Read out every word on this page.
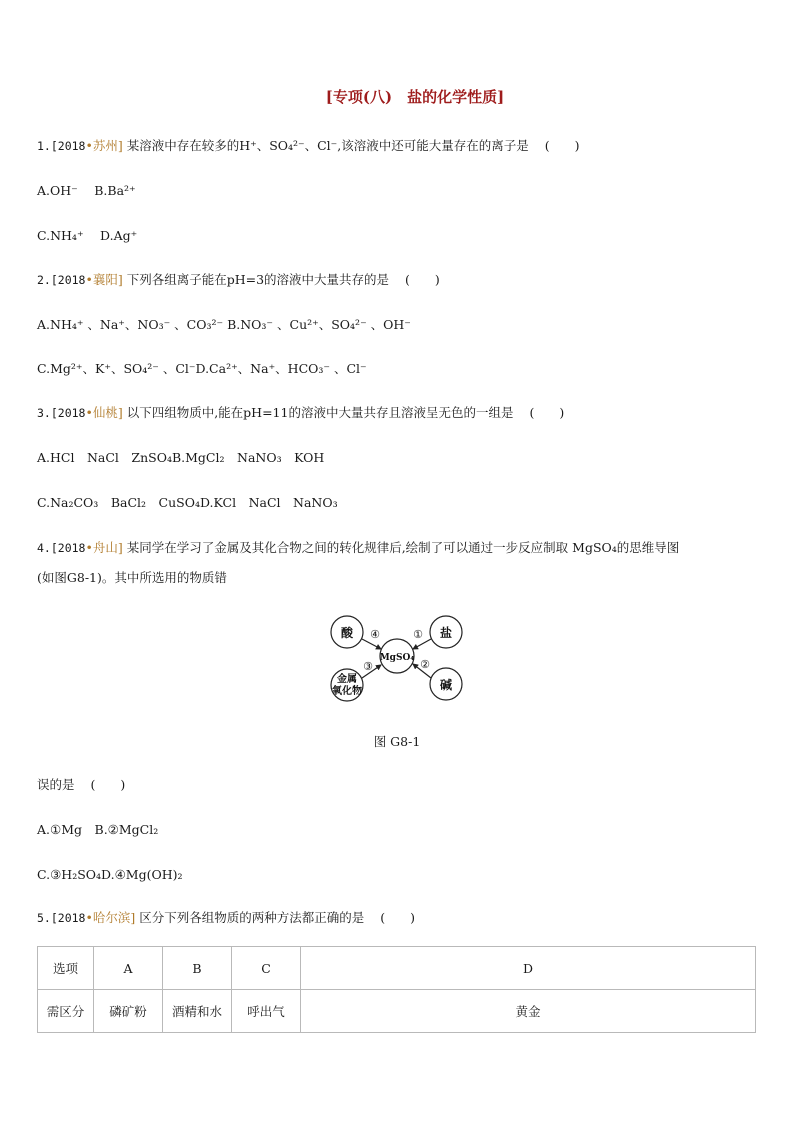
[专项(八)　盐的化学性质]
1.[2018•苏州] 某溶液中存在较多的H⁺、SO₄²⁻、Cl⁻,该溶液中还可能大量存在的离子是 (　　)
A.OH⁻　 B.Ba²⁺
C.NH₄⁺　 D.Ag⁺
2.[2018•襄阳] 下列各组离子能在pH=3的溶液中大量共存的是 (　　)
A.NH₄⁺ 、Na⁺、NO₃⁻ 、CO₃²⁻ B.NO₃⁻ 、Cu²⁺、SO₄²⁻ 、OH⁻
C.Mg²⁺、K⁺、SO₄²⁻ 、Cl⁻D.Ca²⁺、Na⁺、HCO₃⁻ 、Cl⁻
3.[2018•仙桃] 以下四组物质中,能在pH=11的溶液中大量共存且溶液呈无色的一组是 (　　)
A.HCl　NaCl　ZnSO₄B.MgCl₂　NaNO₃　KOH
C.Na₂CO₃　BaCl₂　CuSO₄D.KCl　NaCl　NaNO₃
4.[2018•舟山] 某同学在学习了金属及其化合物之间的转化规律后,绘制了可以通过一步反应制取 MgSO₄的思维导图
(如图G8-1)。其中所选用的物质错
酸	盐
MgSO₄
碱
金属
氧化物
④	①
③	②
图 G8-1
误的是 (　　)
A.①Mg　B.②MgCl₂
C.③H₂SO₄D.④Mg(OH)₂
5.[2018•哈尔滨] 区分下列各组物质的两种方法都正确的是 (　　)
选项	A	B	C	D
需区分	磷矿粉	酒精和水	呼出气	黄金
